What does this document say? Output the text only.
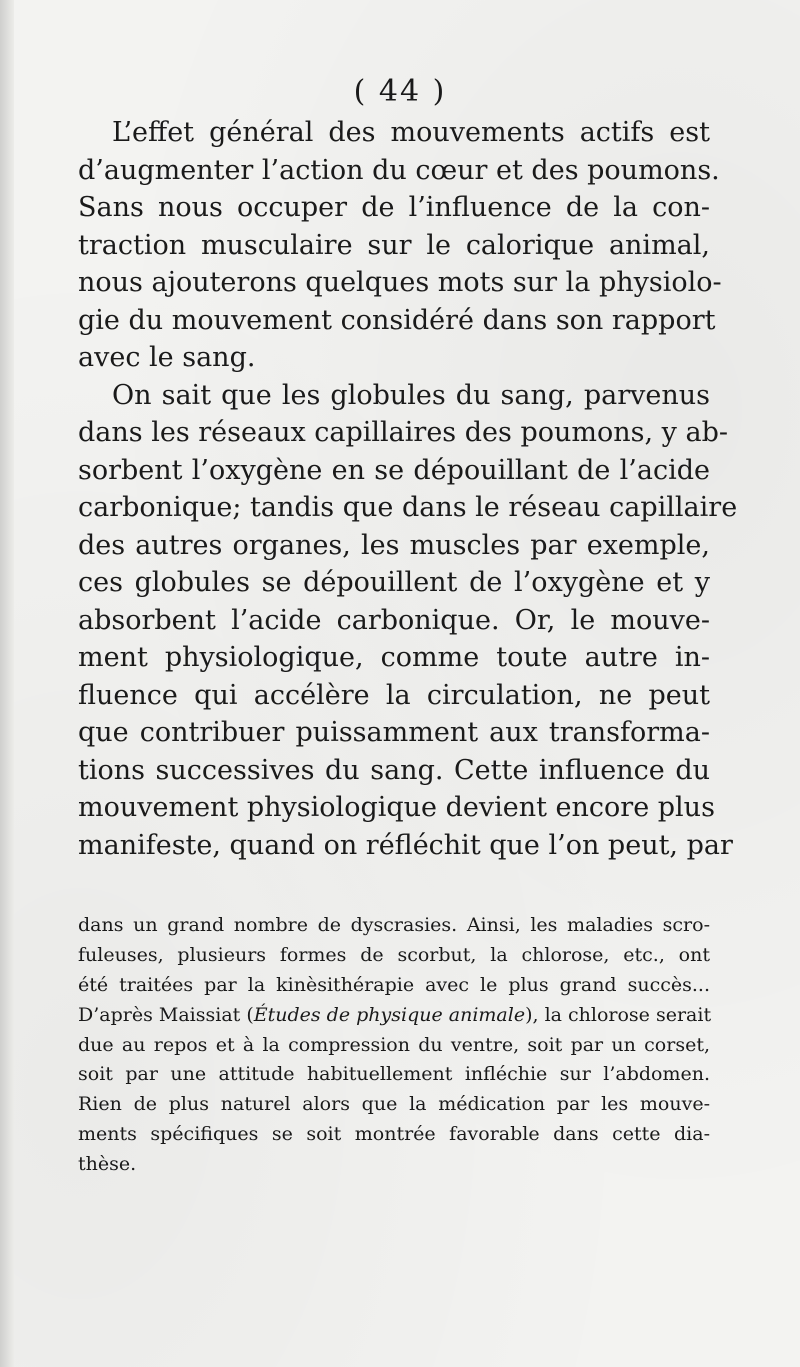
( 44 )

L’effet général des mouvements actifs est
d’augmenter l’action du cœur et des poumons.
Sans nous occuper de l’influence de la con-
traction musculaire sur le calorique animal,
nous ajouterons quelques mots sur la physiolo-
gie du mouvement considéré dans son rapport
avec le sang.
On sait que les globules du sang, parvenus
dans les réseaux capillaires des poumons, y ab-
sorbent l’oxygène en se dépouillant de l’acide
carbonique; tandis que dans le réseau capillaire
des autres organes, les muscles par exemple,
ces globules se dépouillent de l’oxygène et y
absorbent l’acide carbonique. Or, le mouve-
ment physiologique, comme toute autre in-
fluence qui accélère la circulation, ne peut
que contribuer puissamment aux transforma-
tions successives du sang. Cette influence du
mouvement physiologique devient encore plus
manifeste, quand on réfléchit que l’on peut, par
dans un grand nombre de dyscrasies. Ainsi, les maladies scro-
fuleuses, plusieurs formes de scorbut, la chlorose, etc., ont
été traitées par la kinèsithérapie avec le plus grand succès...
D’après Maissiat (Études de physique animale), la chlorose serait
due au repos et à la compression du ventre, soit par un corset,
soit par une attitude habituellement infléchie sur l’abdomen.
Rien de plus naturel alors que la médication par les mouve-
ments spécifiques se soit montrée favorable dans cette dia-
thèse.
